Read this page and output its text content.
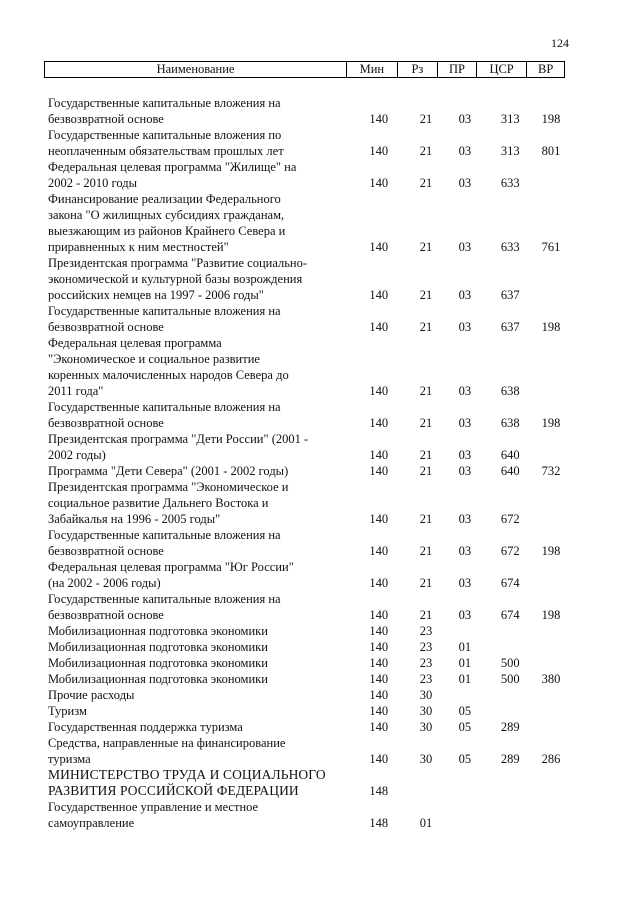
124
Наименование	Мин	Рз	ПР	ЦСР	ВР
Государственные капитальные вложения на
безвозвратной основе	140	21	03	313	198
Государственные капитальные вложения по
неоплаченным обязательствам прошлых лет	140	21	03	313	801
Федеральная целевая программа "Жилище" на
2002 - 2010 годы	140	21	03	633
Финансирование реализации Федерального
закона "О жилищных субсидиях гражданам,
выезжающим из районов Крайнего Севера и
приравненных к ним местностей"	140	21	03	633	761
Президентская программа "Развитие социально-
экономической и культурной базы возрождения
российских немцев на 1997 - 2006 годы"	140	21	03	637
Государственные капитальные вложения на
безвозвратной основе	140	21	03	637	198
Федеральная целевая программа
"Экономическое и социальное развитие
коренных малочисленных народов Севера до
2011 года"	140	21	03	638
Государственные капитальные вложения на
безвозвратной основе	140	21	03	638	198
Президентская программа "Дети России" (2001 -
2002 годы)	140	21	03	640
Программа "Дети Севера" (2001 - 2002 годы)	140	21	03	640	732
Президентская программа "Экономическое и
социальное развитие Дальнего Востока и
Забайкалья на 1996 - 2005 годы"	140	21	03	672
Государственные капитальные вложения на
безвозвратной основе	140	21	03	672	198
Федеральная целевая программа "Юг России"
(на 2002 - 2006 годы)	140	21	03	674
Государственные капитальные вложения на
безвозвратной основе	140	21	03	674	198
Мобилизационная подготовка экономики	140	23
Мобилизационная подготовка экономики	140	23	01
Мобилизационная подготовка экономики	140	23	01	500
Мобилизационная подготовка экономики	140	23	01	500	380
Прочие расходы	140	30
Туризм	140	30	05
Государственная поддержка туризма	140	30	05	289
Средства, направленные на финансирование
туризма	140	30	05	289	286
МИНИСТЕРСТВО ТРУДА И СОЦИАЛЬНОГО
РАЗВИТИЯ РОССИЙСКОЙ ФЕДЕРАЦИИ	148
Государственное управление и местное
самоуправление	148	01
